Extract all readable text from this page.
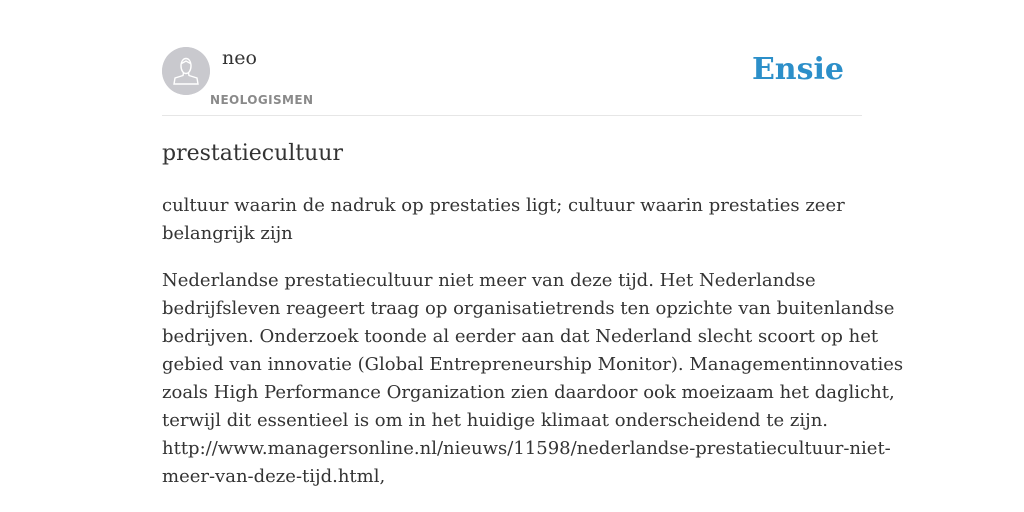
neo
NEOLOGISMEN
Ensie
prestatiecultuur

cultuur waarin de nadruk op prestaties ligt; cultuur waarin prestaties zeer
belangrijk zijn

Nederlandse prestatiecultuur niet meer van deze tijd. Het Nederlandse
bedrijfsleven reageert traag op organisatietrends ten opzichte van buitenlandse
bedrijven. Onderzoek toonde al eerder aan dat Nederland slecht scoort op het
gebied van innovatie (Global Entrepreneurship Monitor). Managementinnovaties
zoals High Performance Organization zien daardoor ook moeizaam het daglicht,
terwijl dit essentieel is om in het huidige klimaat onderscheidend te zijn.
http://www.managersonline.nl/nieuws/11598/nederlandse-prestatiecultuur-niet-
meer-van-deze-tijd.html,
